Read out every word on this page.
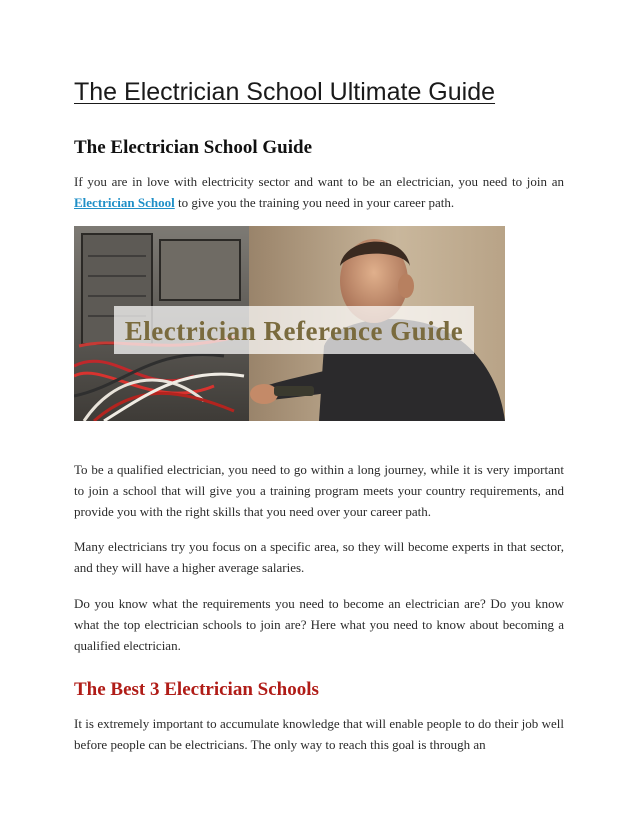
The Electrician School Ultimate Guide
The Electrician School Guide

If you are in love with electricity sector and want to be an electrician, you need to join an Electrician School to give you the training you need in your career path.

Electrician Reference Guide

To be a qualified electrician, you need to go within a long journey, while it is very important to join a school that will give you a training program meets your country requirements, and provide you with the right skills that you need over your career path.

Many electricians try you focus on a specific area, so they will become experts in that sector, and they will have a higher average salaries.

Do you know what the requirements you need to become an electrician are? Do you know what the top electrician schools to join are? Here what you need to know about becoming a qualified electrician.

The Best 3 Electrician Schools

It is extremely important to accumulate knowledge that will enable people to do their job well before people can be electricians. The only way to reach this goal is through an
